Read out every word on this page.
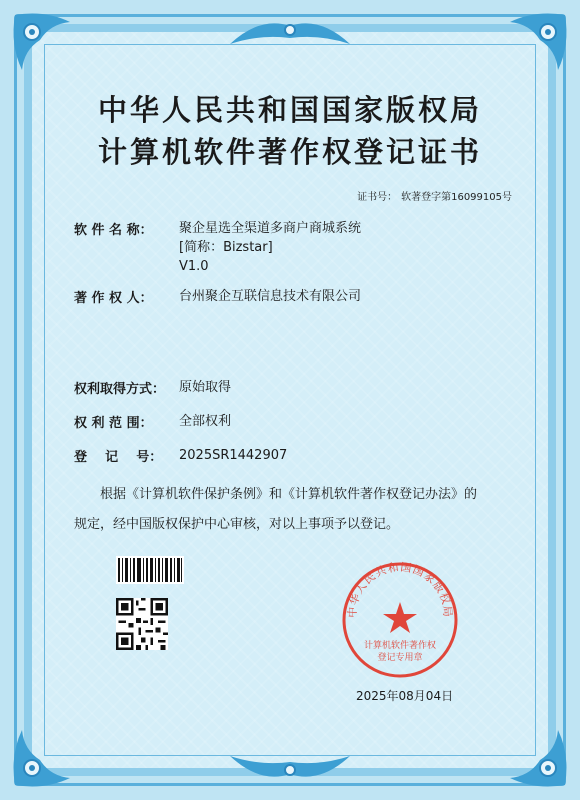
中华人民共和国国家版权局
计算机软件著作权登记证书
证书号： 软著登字第16099105号
软 件 名 称：	聚企星选全渠道多商户商城系统
[简称：Bizstar]
V1.0
著 作 权 人：	台州聚企互联信息技术有限公司
权利取得方式：	原始取得
权 利 范 围：	全部权利
登    记    号：	2025SR1442907
根据《计算机软件保护条例》和《计算机软件著作权登记办法》的
规定，经中国版权保护中心审核，对以上事项予以登记。
中华人民共和国国家版权局
计算机软件著作权
登记专用章
2025年08月04日
